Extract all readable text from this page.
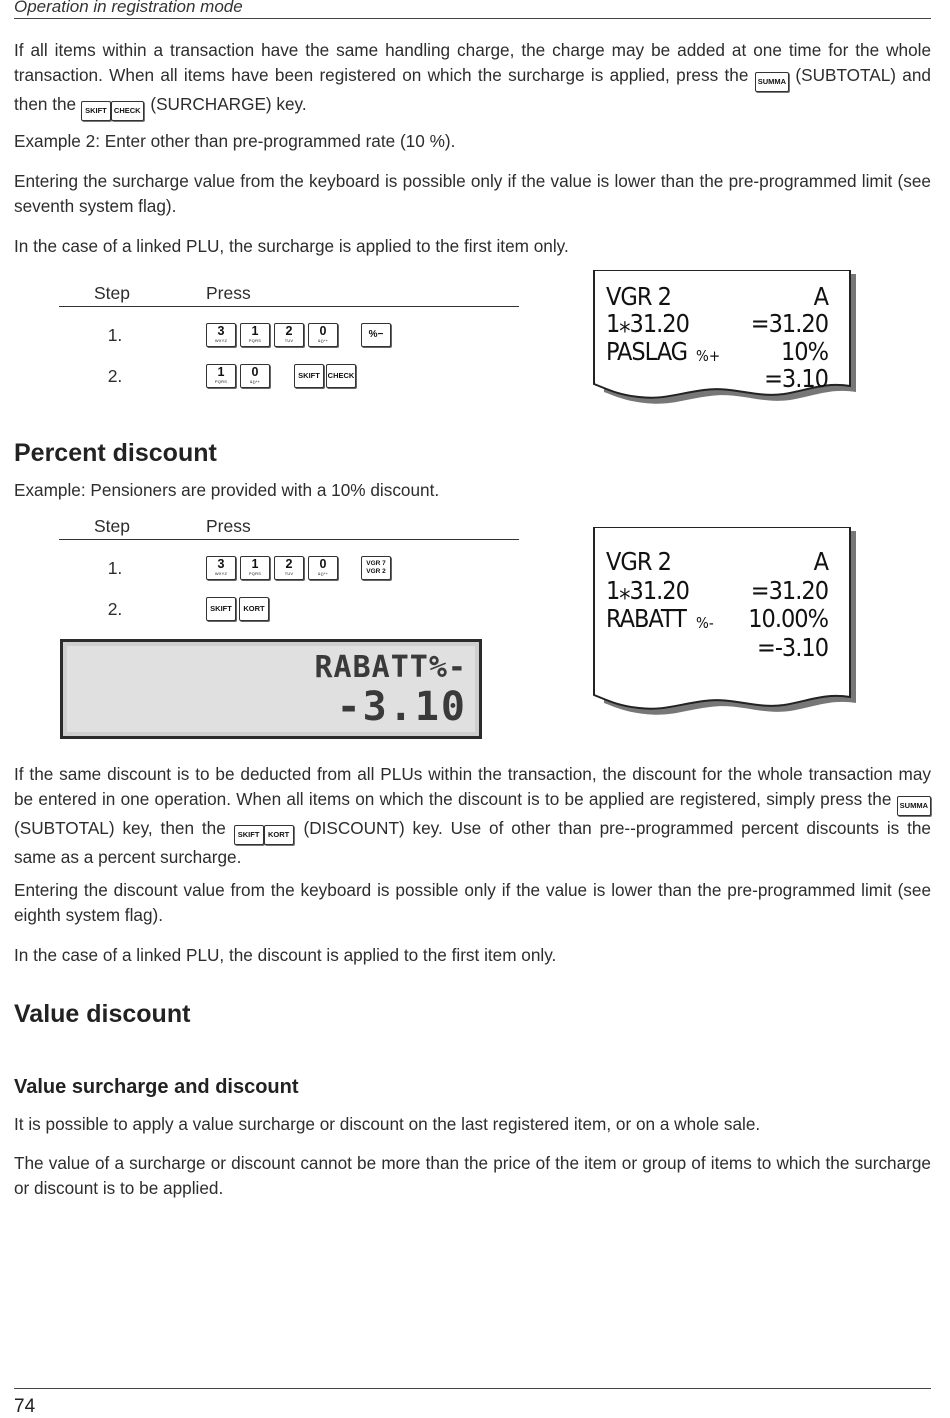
Operation in registration mode

If all items within a transaction have the same handling charge, the charge may be added at one time for the whole transaction. When all items have been registered on which the surcharge is applied, press the SUMMA (SUBTOTAL) and then the SKIFT CHECK (SURCHARGE) key.

Example 2: Enter other than pre-programmed rate (10 %).

Entering the surcharge value from the keyboard is possible only if the value is lower than the pre-programmed limit (see seventh system flag).

In the case of a linked PLU, the surcharge is applied to the first item only.

Step	Press
1.	3
WXYZ
1
PQRS
2
TUV
0
&()*+
%−
2.	1
PQRS
0
&()*+
SKIFT	CHECK
VGR 2	A
1⁎31.20 =31.20
PASLAG %+ 10%
=3.10
Percent discount

Example: Pensioners are provided with a 10% discount.

Step	Press
1.	3
WXYZ
1
PQRS
2
TUV
0
&()*+
VGR 7
VGR 2
2.	SKIFT	KORT
RABATT%-
-3.10
VGR 2	A
1⁎31.20 =31.20
RABATT %- 10.00%
=-3.10

If the same discount is to be deducted from all PLUs within the transaction, the discount for the whole transaction may be entered in one operation. When all items on which the discount is to be applied are registered, simply press the SUMMA (SUBTOTAL) key, then the SKIFT KORT (DISCOUNT) key. Use of other than pre--programmed percent discounts is the same as a percent surcharge.

Entering the discount value from the keyboard is possible only if the value is lower than the pre-programmed limit (see eighth system flag).

In the case of a linked PLU, the discount is applied to the first item only.

Value discount
Value surcharge and discount

It is possible to apply a value surcharge or discount on the last registered item, or on a whole sale.

The value of a surcharge or discount cannot be more than the price of the item or group of items to which the surcharge or discount is to be applied.

74
